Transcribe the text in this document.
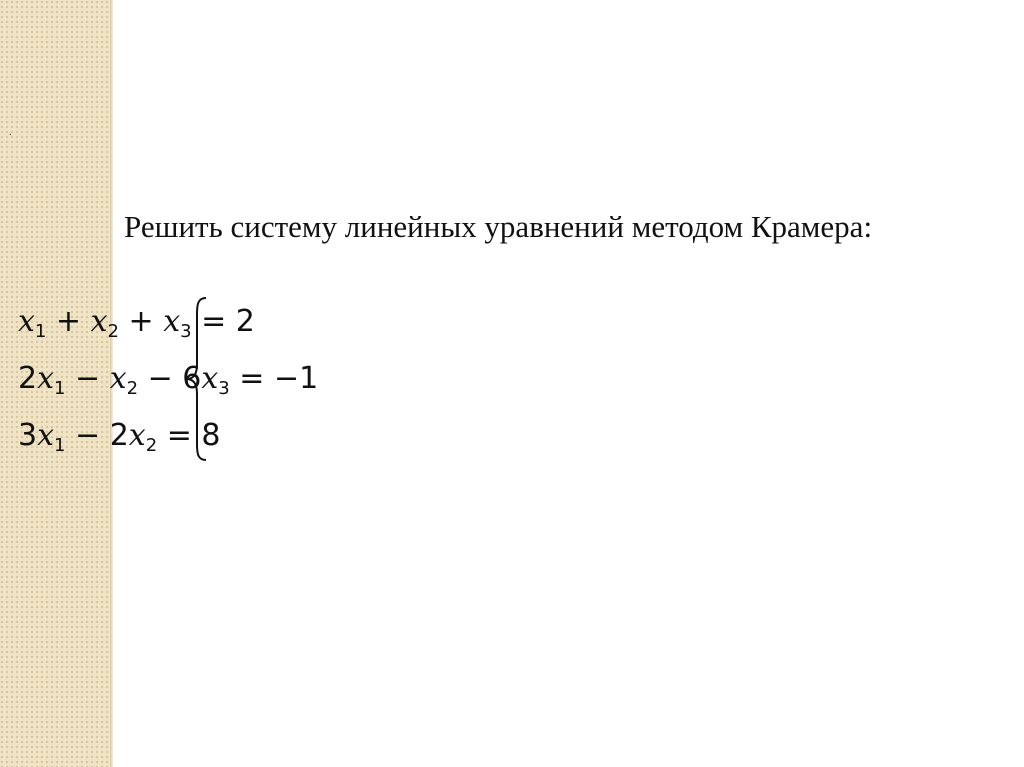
.
Решить систему линейных уравнений методом Крамера:
$x_1 + x_2 + x_3 = 2$
$2x_1 - x_2 - 6x_3 = -1$
$3x_1 - 2x_2 = 8$
